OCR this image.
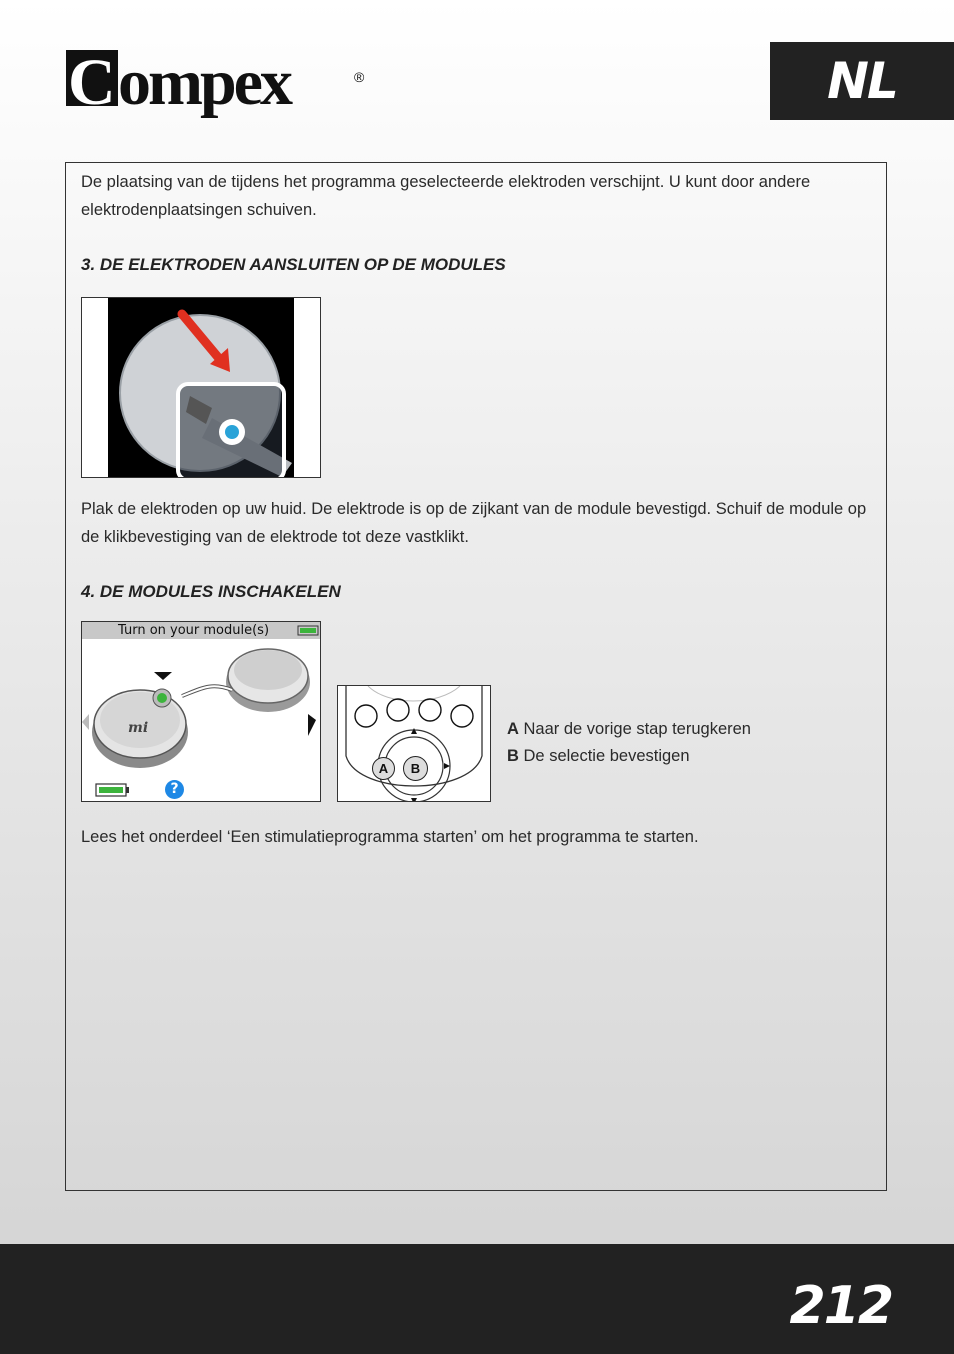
C ompex	®	NL

De plaatsing van de tijdens het programma geselecteerde elektroden verschijnt. U kunt door andere elektrodenplaatsingen schuiven.

3. DE ELEKTRODEN AANSLUITEN OP DE MODULES

Plak de elektroden op uw huid. De elektrode is op de zijkant van de module bevestigd. Schuif de module op de klikbevestiging van de elektrode tot deze vastklikt.

4. DE MODULES INSCHAKELEN

Turn on your module(s)
mi
?
A	B
A Naar de vorige stap terugkeren
B De selectie bevestigen

Lees het onderdeel ‘Een stimulatieprogramma starten’ om het programma te starten.

212
